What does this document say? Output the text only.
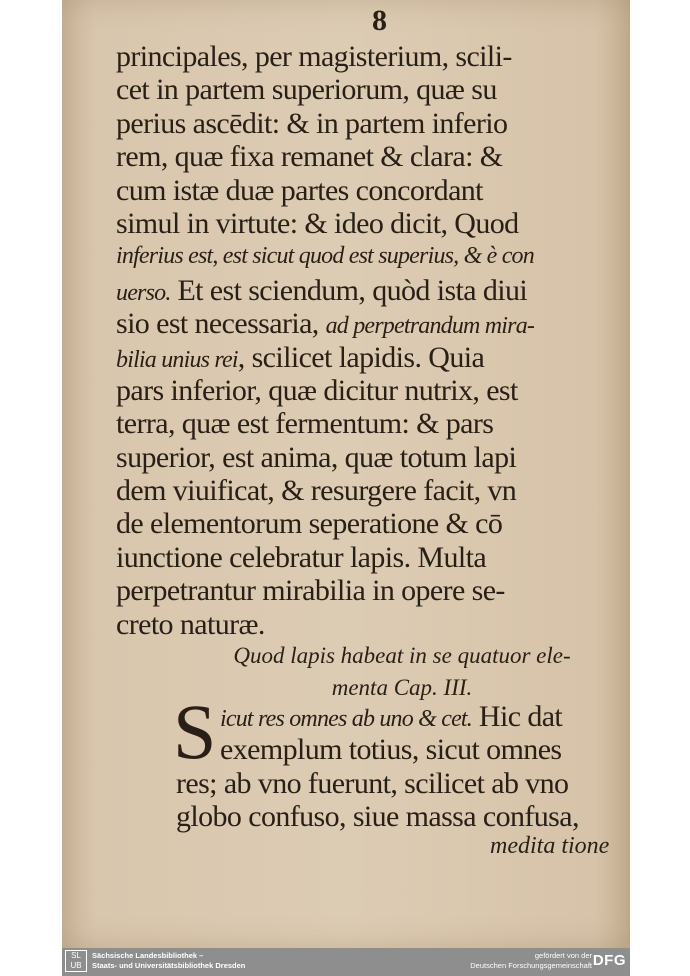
8
principales, per magisterium, scili-
cet in partem superiorum, quæ su
perius ascēdit: & in partem inferio
rem, quæ fixa remanet & clara: &
cum istæ duæ partes concordant
simul in virtute: & ideo dicit, Quod
inferius est, est sicut quod est superius, & è con
uerso. Et est sciendum, quòd ista diui
sio est necessaria, ad perpetrandum mira-
bilia unius rei, scilicet lapidis. Quia
pars inferior, quæ dicitur nutrix, est
terra, quæ est fermentum: & pars
superior, est anima, quæ totum lapi
dem viuificat, & resurgere facit, vn
de elementorum seperatione & cō
iunctione celebratur lapis. Multa
perpetrantur mirabilia in opere se-
creto naturæ.
Quod lapis habeat in se quatuor ele-
menta Cap. III.
S icut res omnes ab uno & cet. Hic dat
exemplum totius, sicut omnes
res; ab vno fuerunt, scilicet ab vno
globo confuso, siue massa confusa,
medita tione
SL UB
Sächsische Landesbibliothek –
Staats- und Universitätsbibliothek Dresden
gefördert von der
Deutschen Forschungsgemeinschaft DFG
